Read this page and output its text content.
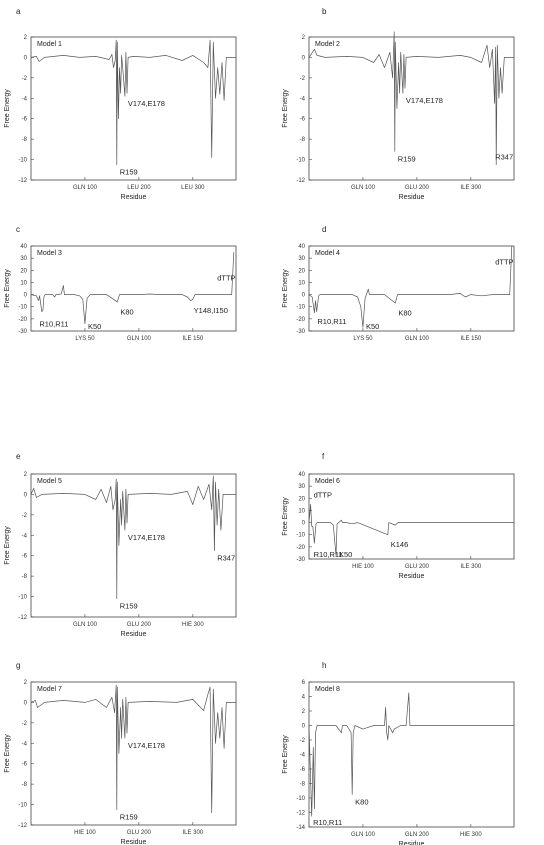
a
2
0
-2
-4
-6
-8
-10
-12
GLN 100	LEU 200	LEU 300
Free Energy
Residue
Model 1
V174,E178
R159
b
2
0
-2
-4
-6
-8
-10
-12
GLN 100	GLU 200	ILE 300
Free Energy
Residue
Model 2
V174,E178
R159	R347
c
40
30
20
10
0
-10
-20
-30
LYS 50	GLN 100	ILE 150
Free Energy
Model 3
dTTP
R10,R11	K50
K80	Y148,I150
d
40
30
20
10
0
-10
-20
-30
LYS 50	GLN 100	ILE 150
Free Energy
Model 4
dTTP
R10,R11
K50
K80
e
2
0
-2
-4
-6
-8
-10
-12
GLN 100	GLU 200	HIE 300
Free Energy
Residue
Model 5
V174,E178
R159
R347
f
40
30
20
10
0
-10
-20
-30
HIE 100	GLU 200	ILE 300
Free Energy
Residue
Model 6
dTTP
R10,R11
K50
K146
g
2
0
-2
-4
-6
-8
-10
-12
HIE 100	GLU 200	ILE 300
Free Energy
Residue
Model 7
V174,E178
R159
h
6
4
2
0
-2
-4
-6
-8
-10
-12
-14
GLN 100	GLN 200	HIE 300
Free Energy
Residue
Model 8
K80
R10,R11
